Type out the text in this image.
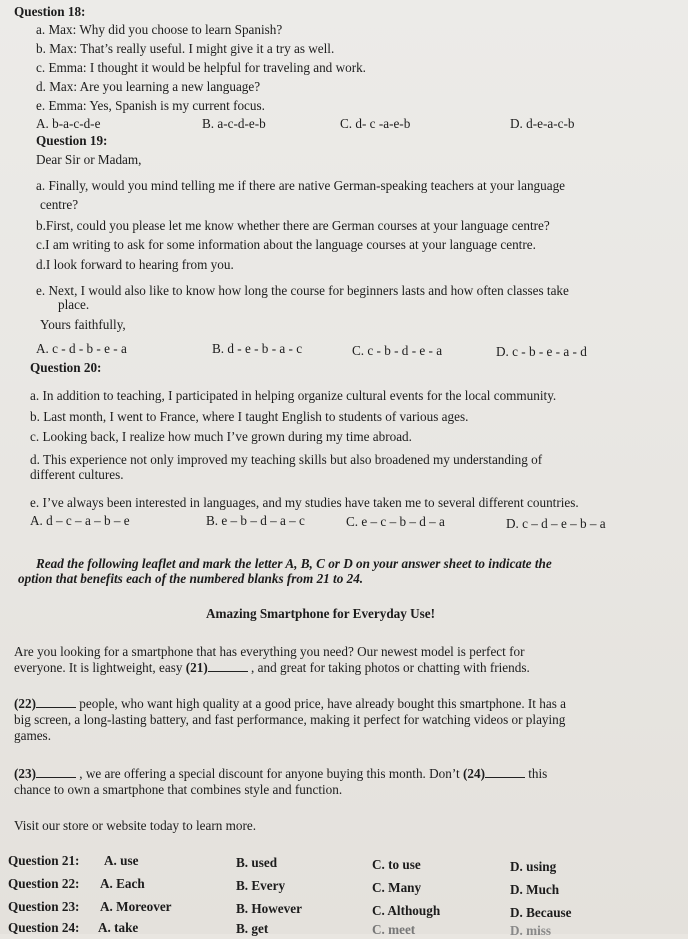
Question 18:
a. Max: Why did you choose to learn Spanish?
b. Max: That’s really useful. I might give it a try as well.
c. Emma: I thought it would be helpful for traveling and work.
d. Max: Are you learning a new language?
e. Emma: Yes, Spanish is my current focus.
A. b-a-c-d-e	B. a-c-d-e-b	C. d- c -a-e-b	D. d-e-a-c-b
Question 19:
Dear Sir or Madam,
a. Finally, would you mind telling me if there are native German-speaking teachers at your language
centre?
b.First, could you please let me know whether there are German courses at your language centre?
c.I am writing to ask for some information about the language courses at your language centre.
d.I look forward to hearing from you.
e. Next, I would also like to know how long the course for beginners lasts and how often classes take
place.
Yours faithfully,
A. c - d - b - e - a	B. d - e - b - a - c	C. c - b - d - e - a	D. c - b - e - a - d
Question 20:
a. In addition to teaching, I participated in helping organize cultural events for the local community.
b. Last month, I went to France, where I taught English to students of various ages.
c. Looking back, I realize how much I’ve grown during my time abroad.
d. This experience not only improved my teaching skills but also broadened my understanding of
different cultures.
e. I’ve always been interested in languages, and my studies have taken me to several different countries.
A. d – c – a – b – e	B. e – b – d – a – c	C. e – c – b – d – a	D. c – d – e – b – a
Read the following leaflet and mark the letter A, B, C or D on your answer sheet to indicate the
option that benefits each of the numbered blanks from 21 to 24.
Amazing Smartphone for Everyday Use!
Are you looking for a smartphone that has everything you need? Our newest model is perfect for
everyone. It is lightweight, easy (21)	, and great for taking photos or chatting with friends.
(22)	people, who want high quality at a good price, have already bought this smartphone. It has a
big screen, a long-lasting battery, and fast performance, making it perfect for watching videos or playing
games.
(23)	, we are offering a special discount for anyone buying this month. Don’t (24)	this
chance to own a smartphone that combines style and function.
Visit our store or website today to learn more.
Question 21: A. use	B. used	C. to use	D. using
Question 22: A. Each	B. Every	C. Many	D. Much
Question 23: A. Moreover	B. However	C. Although	D. Because
Question 24: A. take	B. get	C. meet	D. miss
